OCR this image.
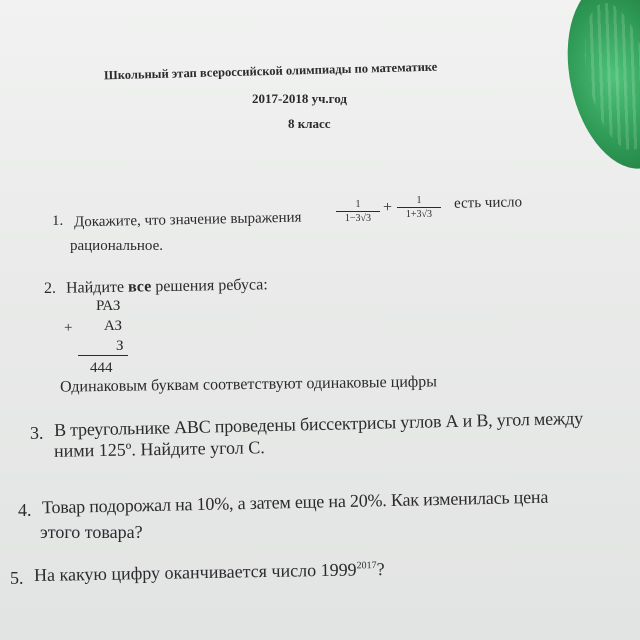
Школьный этап всероссийской олимпиады по математике
2017-2018 уч.год
8 класс
1. Докажите, что значение выражения	$\frac{1}{1-3√3} + \frac{1}{1+3√3}$ есть число
рациональное.
2. Найдите все решения ребуса:
РАЗ
+ АЗ
З
444
Одинаковым буквам соответствуют одинаковые цифры
3. В треугольнике АВС проведены биссектрисы углов А и В, угол между
ними 125º. Найдите угол С.
4. Товар подорожал на 10%, а затем еще на 20%. Как изменилась цена
этого товара?
5. На какую цифру оканчивается число $1999^{2017}$?
